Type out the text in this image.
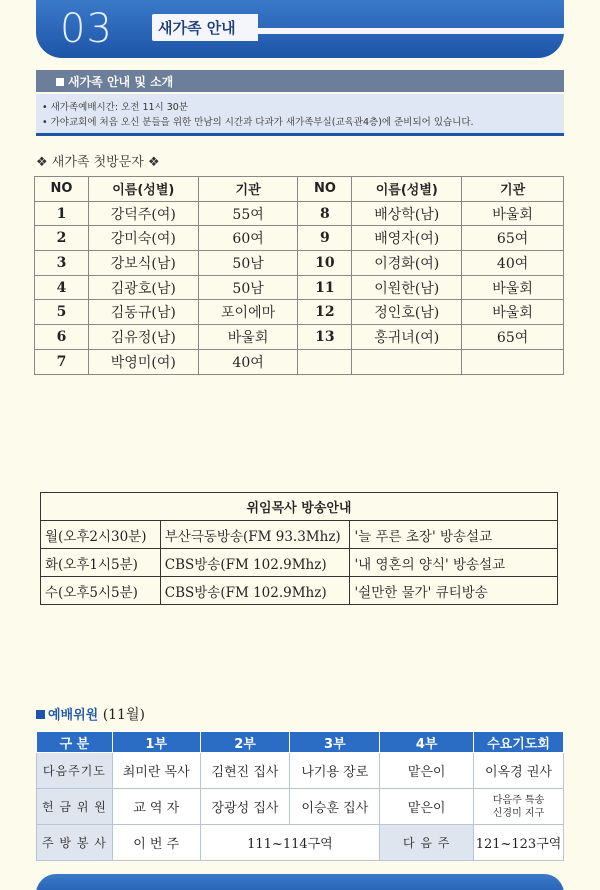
03	새가족 안내
새가족 안내 및 소개
• 새가족예배시간: 오전 11시 30분
• 가야교회에 처음 오신 분들을 위한 만남의 시간과 다과가 새가족부실(교육관4층)에 준비되어 있습니다.
❖ 새가족 첫방문자 ❖
NO	이름(성별)	기관	NO	이름(성별)	기관
1	강덕주(여)	55여	8	배상학(남)	바울회
2	강미숙(여)	60여	9	배영자(여)	65여
3	강보식(남)	50남	10	이경화(여)	40여
4	김광호(남)	50남	11	이원한(남)	바울회
5	김동규(남)	포이에마	12	정인호(남)	바울회
6	김유정(남)	바울회	13	홍귀녀(여)	65여
7	박영미(여)	40여			
위임목사 방송안내		
월(오후2시30분)	부산극동방송(FM 93.3Mhz)	'늘 푸른 초장' 방송설교
화(오후1시5분)	CBS방송(FM 102.9Mhz)	'내 영혼의 양식' 방송설교
수(오후5시5분)	CBS방송(FM 102.9Mhz)	'쉴만한 물가' 큐티방송
예배위원 (11월)
구 분	1부	2부	3부	4부	수요기도회
다음주기도	최미란 목사	김현진 집사	나기용 장로	맡은이	이옥경 권사
헌 금 위 원	교 역 자	장광성 집사	이승훈 집사	맡은이	다음주 특송
신경미 지구

주 방 봉 사	이 번 주	111~114구역		다 음 주	121~123구역
